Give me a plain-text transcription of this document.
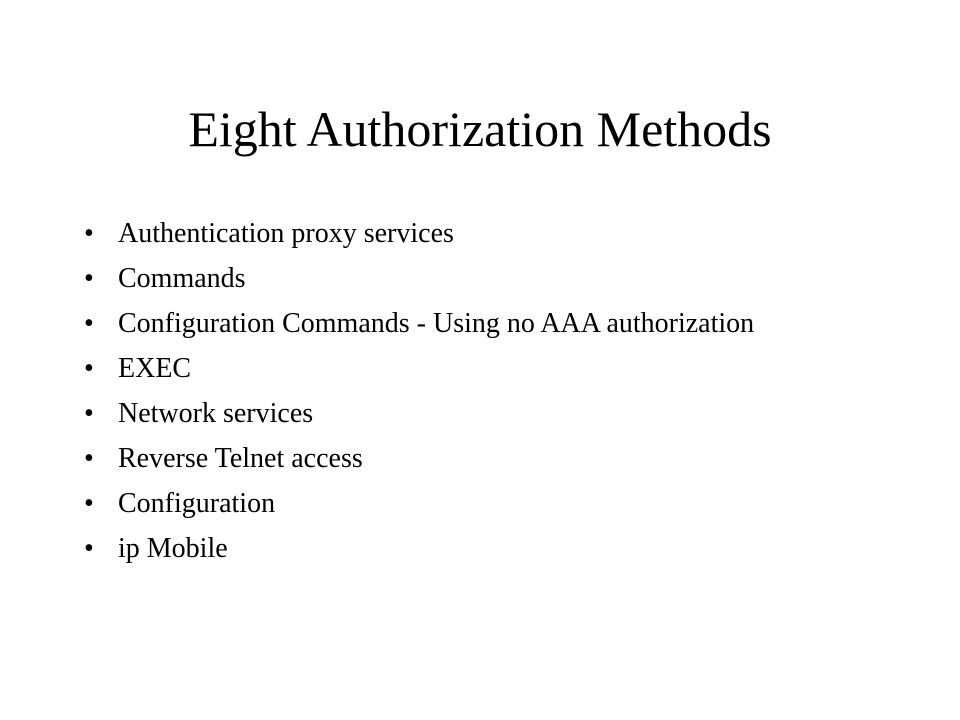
Eight Authorization Methods
• Authentication proxy services
• Commands
• Configuration Commands - Using no AAA authorization
• EXEC
• Network services
• Reverse Telnet access
• Configuration
• ip Mobile
